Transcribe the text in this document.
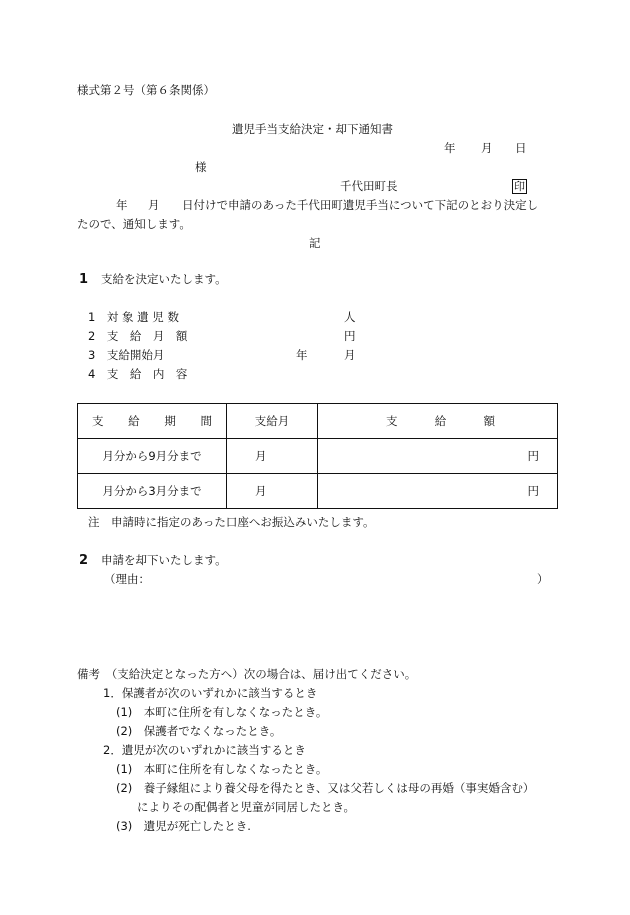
様式第２号（第６条関係）
遺児手当支給決定・却下通知書
年 月 日
様
千代田町長	印
年 月 日付けで申請のあった千代田町遺児手当について下記のとおり決定し
たので、通知します。
記
1 支給を決定いたします。
1　対 象 遺 児 数	人
2　支　給　月　額	円
3　支給開始月	年	月
4　支　給　内　容
支 給 期 間	支給月	支 給 額

月分から9月分まで	月	円
月分から3月分まで	月	円
注　申請時に指定のあった口座へお振込みいたします。
2 申請を却下いたします。
（理由：	）
備考　（支給決定となった方へ）次の場合は、届け出てください。
1．保護者が次のいずれかに該当するとき
(1)　本町に住所を有しなくなったとき。
(2)　保護者でなくなったとき。
2．遺児が次のいずれかに該当するとき
(1)　本町に住所を有しなくなったとき。
(2)　養子縁組により養父母を得たとき、又は父若しくは母の再婚（事実婚含む）
によりその配偶者と児童が同居したとき。
(3)　遺児が死亡したとき.
